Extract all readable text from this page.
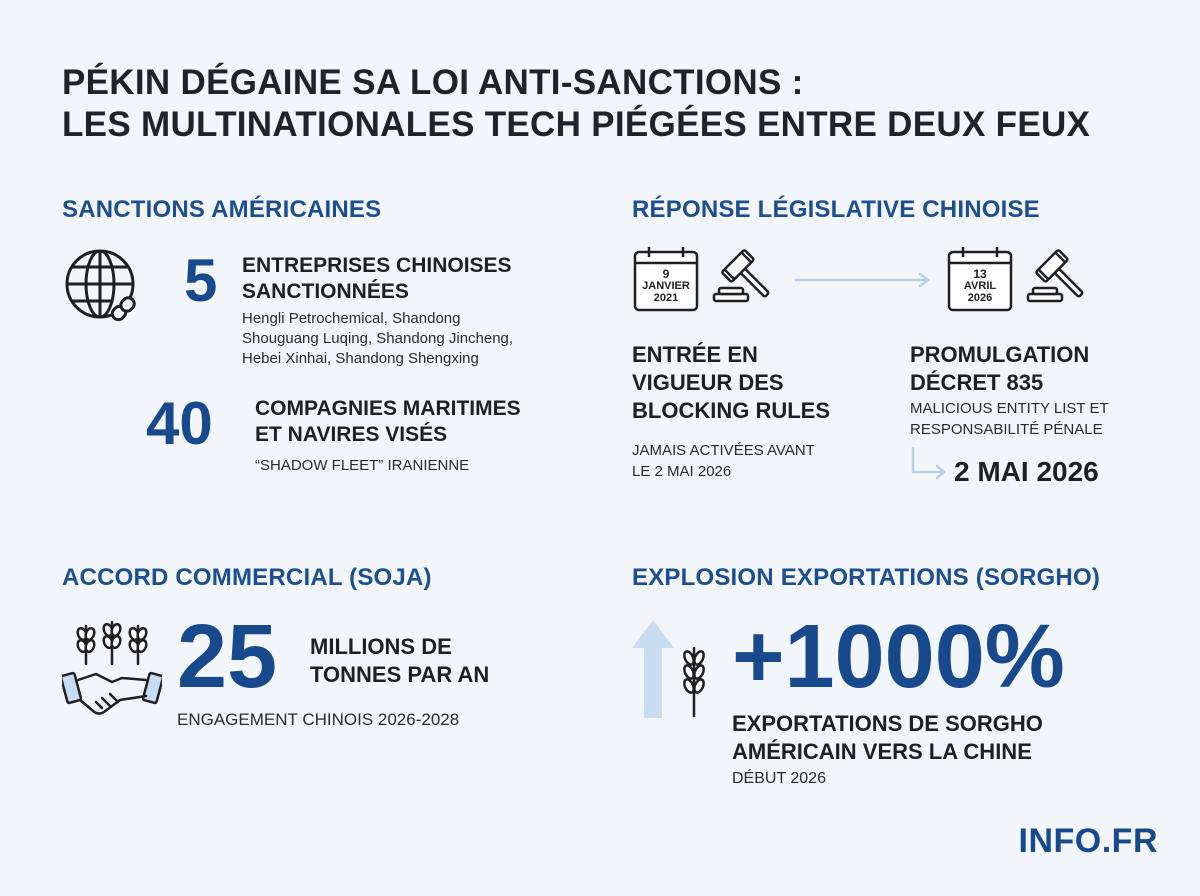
PÉKIN DÉGAINE SA LOI ANTI-SANCTIONS :
LES MULTINATIONALES TECH PIÉGÉES ENTRE DEUX FEUX
SANCTIONS AMÉRICAINES
5 ENTREPRISES CHINOISES
SANCTIONNÉES
Hengli Petrochemical, Shandong
Shouguang Luqing, Shandong Jincheng,
Hebei Xinhai, Shandong Shengxing
40 COMPAGNIES MARITIMES
ET NAVIRES VISÉS
“SHADOW FLEET” IRANIENNE
RÉPONSE LÉGISLATIVE CHINOISE
9
JANVIER
2021
13
AVRIL
2026
ENTRÉE EN
VIGUEUR DES
BLOCKING RULES
JAMAIS ACTIVÉES AVANT
LE 2 MAI 2026
PROMULGATION
DÉCRET 835
MALICIOUS ENTITY LIST ET
RESPONSABILITÉ PÉNALE
2 MAI 2026
ACCORD COMMERCIAL (SOJA)
25 MILLIONS DE
TONNES PAR AN
ENGAGEMENT CHINOIS 2026-2028
EXPLOSION EXPORTATIONS (SORGHO)
+1000%
EXPORTATIONS DE SORGHO
AMÉRICAIN VERS LA CHINE
DÉBUT 2026
INFO.FR
